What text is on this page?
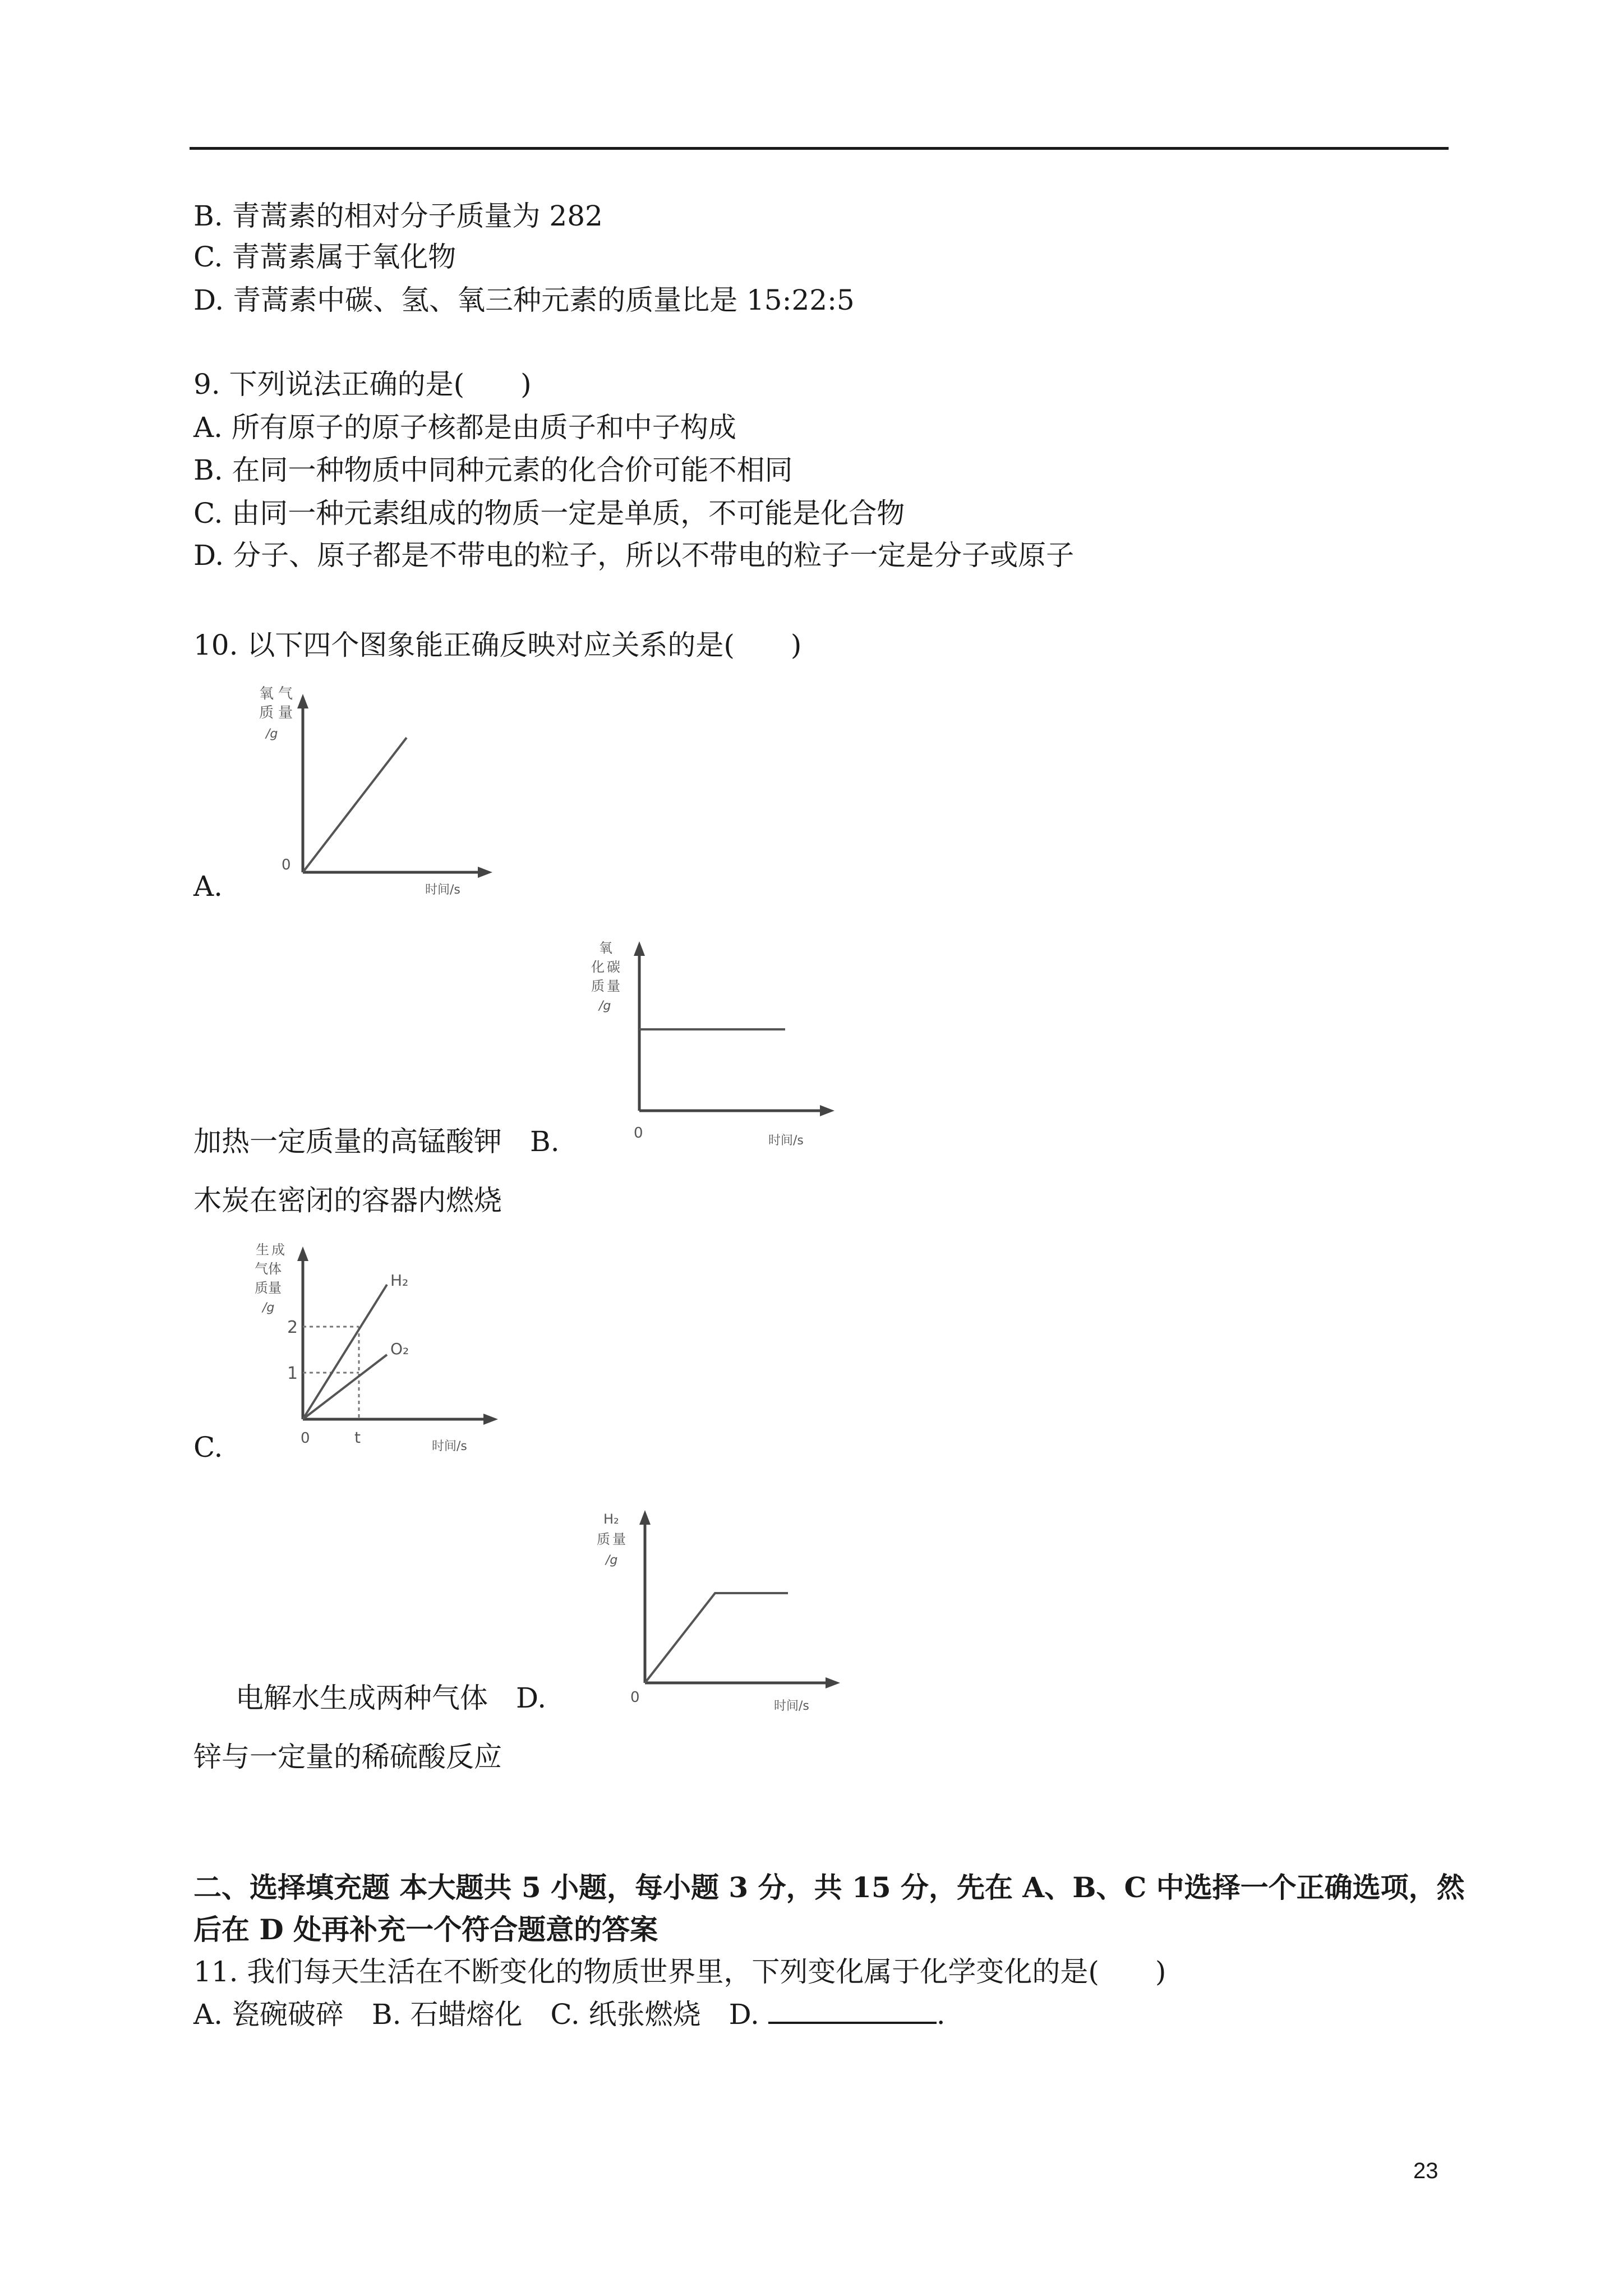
B. 青蒿素的相对分子质量为 282
C. 青蒿素属于氧化物
D. 青蒿素中碳、氢、氧三种元素的质量比是 15:22:5
9. 下列说法正确的是(　　)
A. 所有原子的原子核都是由质子和中子构成
B. 在同一种物质中同种元素的化合价可能不相同
C. 由同一种元素组成的物质一定是单质，不可能是化合物
D. 分子、原子都是不带电的粒子，所以不带电的粒子一定是分子或原子
10. 以下四个图象能正确反映对应关系的是(　　)
氧 气
质 量
/g
0
时间/s
A.
氧
化 碳
质 量
/g
0	时间/s
加热一定质量的高锰酸钾　B.
木炭在密闭的容器内燃烧
生 成
气体
质量
/g
2
1
t
0
H₂
O₂
时间/s
C.
H₂
质 量
/g
0
时间/s
电解水生成两种气体　D.
锌与一定量的稀硫酸反应
二、选择填充题 本大题共 5 小题，每小题 3 分，共 15 分，先在 A、B、C 中选择一个正确选项，然
后在 D 处再补充一个符合题意的答案
11. 我们每天生活在不断变化的物质世界里，下列变化属于化学变化的是(　　)
A. 瓷碗破碎　B. 石蜡熔化　C. 纸张燃烧　D.	.
23
